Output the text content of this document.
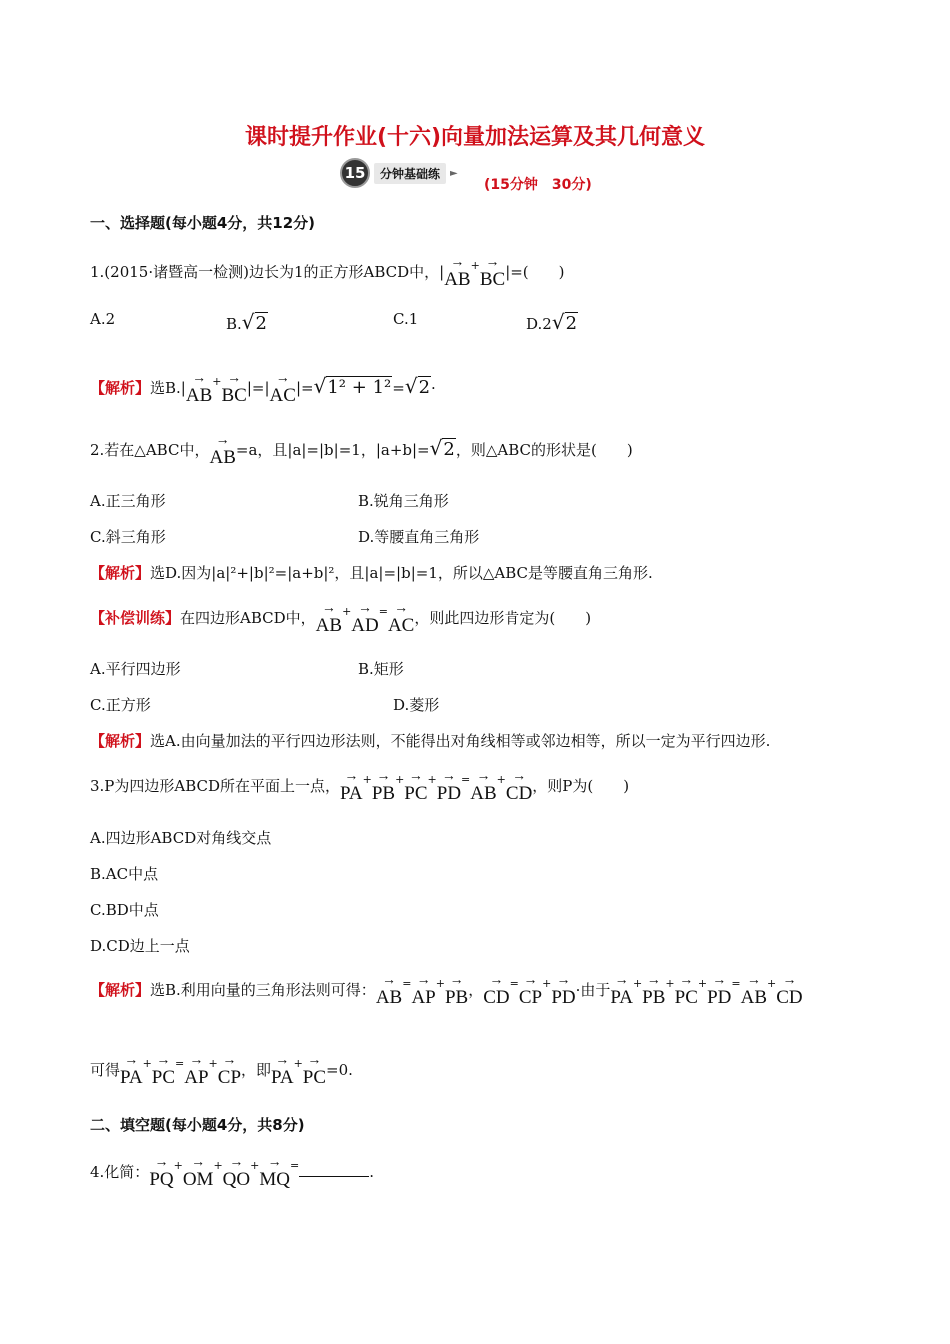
课时提升作业(十六)向量加法运算及其几何意义
15	分钟基础练	►
(15分钟　30分)
一、选择题(每小题4分，共12分)
1.(2015·诸暨高一检测)边长为1的正方形ABCD中，|→ AB+→ BC|=(　　)
A.2	B.√2	C.1	D.2√2
【解析】选B.|→ AB+→ BC|=|→ AC|=√1² + 1²=√2·
2.若在△ABC中，→ AB=a，且|a|=|b|=1，|a+b|=√2，则△ABC的形状是(　　)
A.正三角形	B.锐角三角形
C.斜三角形	D.等腰直角三角形
【解析】选D.因为|a|²+|b|²=|a+b|²，且|a|=|b|=1，所以△ABC是等腰直角三角形.
【补偿训练】在四边形ABCD中，→ AB+→ AD=→ AC，则此四边形肯定为(　　)
A.平行四边形	B.矩形
C.正方形	D.菱形
【解析】选A.由向量加法的平行四边形法则，不能得出对角线相等或邻边相等，所以一定为平行四边形.
3.P为四边形ABCD所在平面上一点，→ PA+→ PB+→ PC+→ PD=→ AB+→ CD，则P为(　　)
A.四边形ABCD对角线交点
B.AC中点
C.BD中点
D.CD边上一点
【解析】选B.利用向量的三角形法则可得：→ AB=→ AP+→ PB，→ CD=→ CP+→ PD·由于→ PA+→ PB+→ PC+→ PD=→ AB+→ CD
可得→ PA+→ PC=→ AP+→ CP，即→ PA+→ PC=0.
二、填空题(每小题4分，共8分)
4.化简：→ PQ+→ OM+→ QO+→ MQ=	.
